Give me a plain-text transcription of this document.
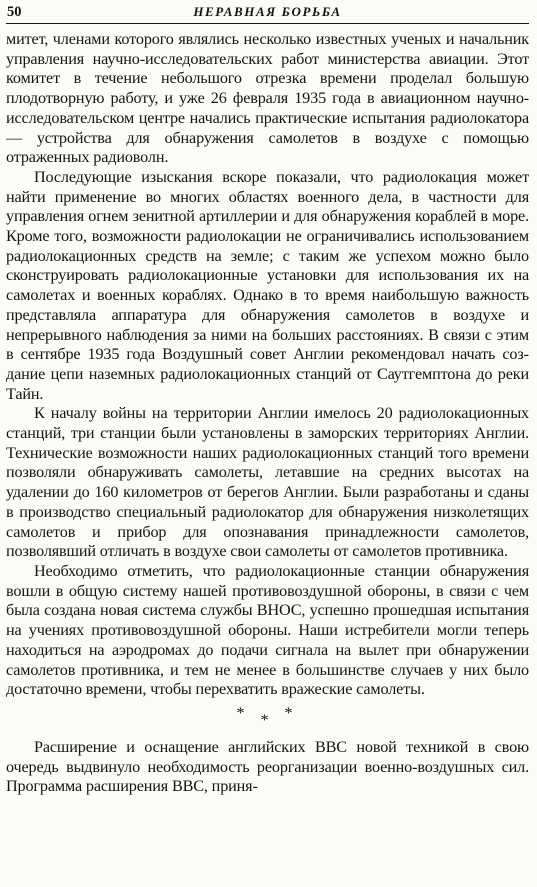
50	НЕРАВНАЯ БОРЬБА

митет, членами которого являлись несколько известных ученых и начальник управления научно-исследовательских работ министерства авиации. Этот комитет в течение небольшого отрезка времени проделал большую плодотворную работу, и уже 26 февраля 1935 года в авиационном научно-исследовательском центре начались практические испытания радиолокатора — устройства для обнаружения самолетов в воздухе с помощью отраженных радиоволн.

Последующие изыскания вскоре показали, что радиолокация может найти применение во многих областях военного дела, в частности для управления огнем зенитной артиллерии и для обнаружения кораблей в море. Кроме того, возможности радиолокации не ограничивались использованием радиолокационных средств на земле; с таким же успехом можно было сконструировать радиолокационные установки для использования их на самолетах и военных кораблях. Однако в то время наибольшую важность представляла аппаратура для обнаружения самолетов в воздухе и непрерывного наблюдения за ними на больших расстояниях. В связи с этим в сентябре 1935 года Воздушный совет Англии рекомендовал начать создание цепи наземных радиолокационных станций от Саутгемптона до реки Тайн.

К началу войны на территории Англии имелось 20 радиолокационных станций, три станции были установлены в заморских территориях Англии. Технические возможности наших радиолокационных станций того времени позволяли обнаруживать самолеты, летавшие на средних высотах на удалении до 160 километров от берегов Англии. Были разработаны и сданы в производство специальный радиолокатор для обнаружения низколетящих самолетов и прибор для опознавания принадлежности самолетов, позволявший отличать в воздухе свои самолеты от самолетов противника.

Необходимо отметить, что радиолокационные станции обнаружения вошли в общую систему нашей противовоздушной обороны, в связи с чем была создана новая система службы ВНОС, успешно прошедшая испытания на учениях противовоздушной обороны. Наши истребители могли теперь находиться на аэродромах до подачи сигнала на вылет при обнаружении самолетов противника, и тем не менее в большинстве случаев у них было достаточно времени, чтобы перехватить вражеские самолеты.

* * *

Расширение и оснащение английских ВВС новой техникой в свою очередь выдвинуло необходимость реорганизации военно-воздушных сил. Программа расширения ВВС, приня-
